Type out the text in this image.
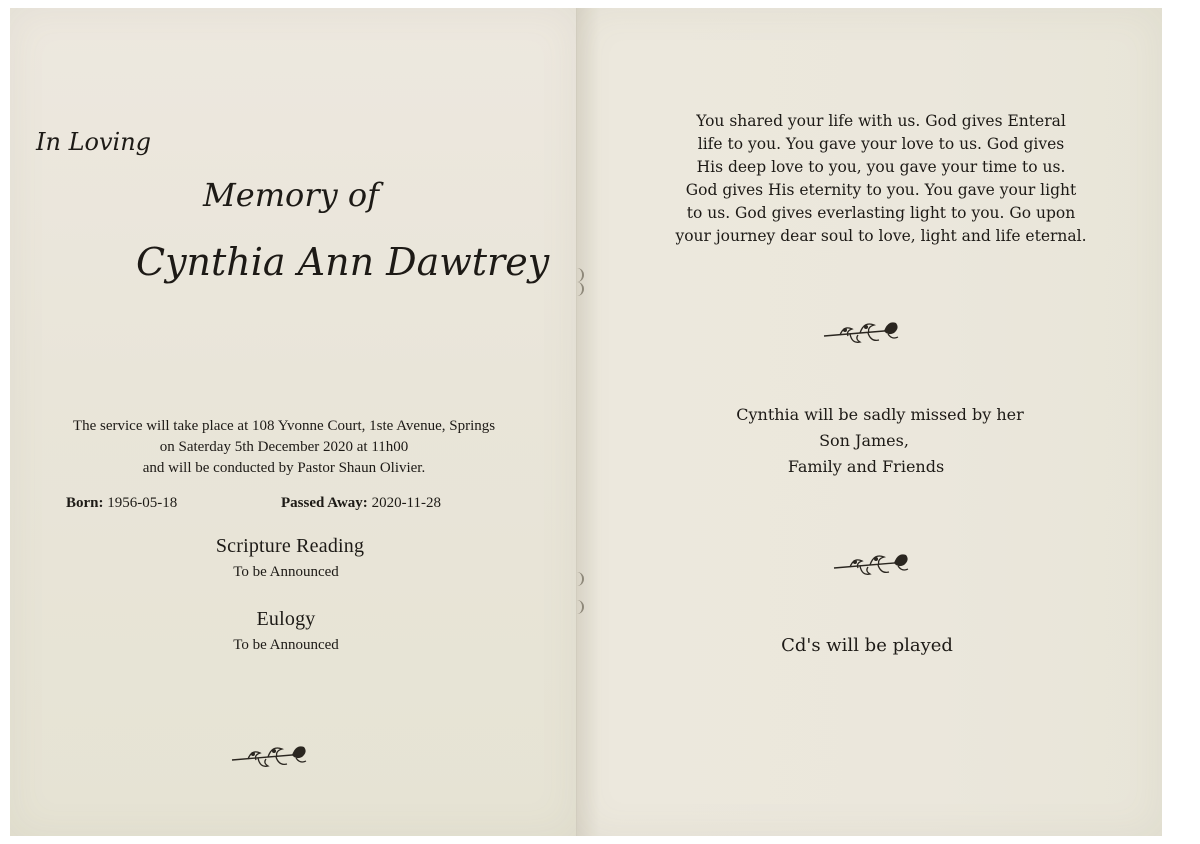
In Loving
Memory of
Cynthia Ann Dawtrey
The service will take place at 108 Yvonne Court, 1ste Avenue, Springs
on Saterday 5th December 2020 at 11h00
and will be conducted by Pastor Shaun Olivier.
Born: 1956-05-18	Passed Away: 2020-11-28
Scripture Reading
To be Announced
Eulogy
To be Announced
You shared your life with us. God gives Enteral
life to you. You gave your love to us. God gives
His deep love to you, you gave your time to us.
God gives His eternity to you. You gave your light
to us. God gives everlasting light to you. Go upon
your journey dear soul to love, light and life eternal.
Cynthia will be sadly missed by her
Son James,
Family and Friends
Cd's will be played
